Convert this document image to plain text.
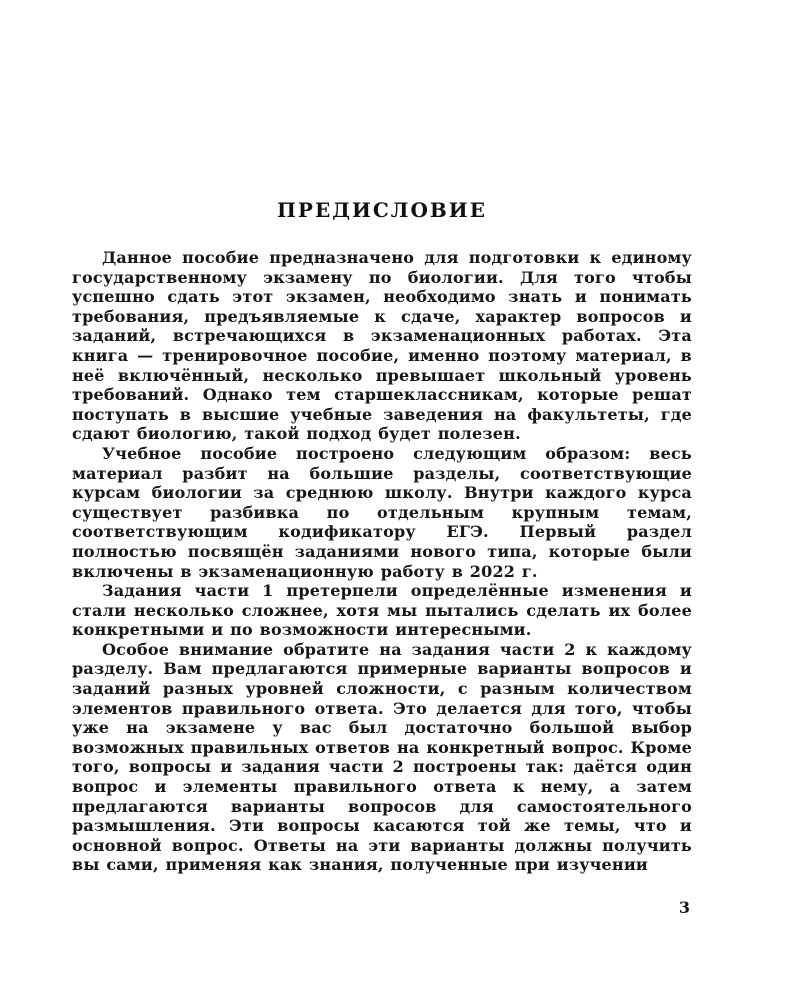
ПРЕДИСЛОВИЕ

Данное пособие предназначено для подготовки к единому государственному экзамену по биологии. Для того чтобы успешно сдать этот экзамен, необходимо знать и понимать требования, предъявляемые к сдаче, характер вопросов и заданий, встречающихся в экзаменационных работах. Эта книга — тренировочное пособие, именно поэтому материал, в неё включённый, несколько превышает школьный уровень требований. Однако тем старшеклассникам, которые решат поступать в высшие учебные заведения на факультеты, где сдают биологию, такой подход будет полезен.

Учебное пособие построено следующим образом: весь материал разбит на большие разделы, соответствующие курсам биологии за среднюю школу. Внутри каждого курса существует разбивка по отдельным крупным темам, соответствующим кодификатору ЕГЭ. Первый раздел полностью посвящён заданиями нового типа, которые были включены в экзаменационную работу в 2022 г.

Задания части 1 претерпели определённые изменения и стали несколько сложнее, хотя мы пытались сделать их более конкретными и по возможности интересными.

Особое внимание обратите на задания части 2 к каждому разделу. Вам предлагаются примерные варианты вопросов и заданий разных уровней сложности, с разным количеством элементов правильного ответа. Это делается для того, чтобы уже на экзамене у вас был достаточно большой выбор возможных правильных ответов на конкретный вопрос. Кроме того, вопросы и задания части 2 построены так: даётся один вопрос и элементы правильного ответа к нему, а затем предлагаются варианты вопросов для самостоятельного размышления. Эти вопросы касаются той же темы, что и основной вопрос. Ответы на эти варианты должны получить вы сами, применяя как знания, полученные при изучении

3
